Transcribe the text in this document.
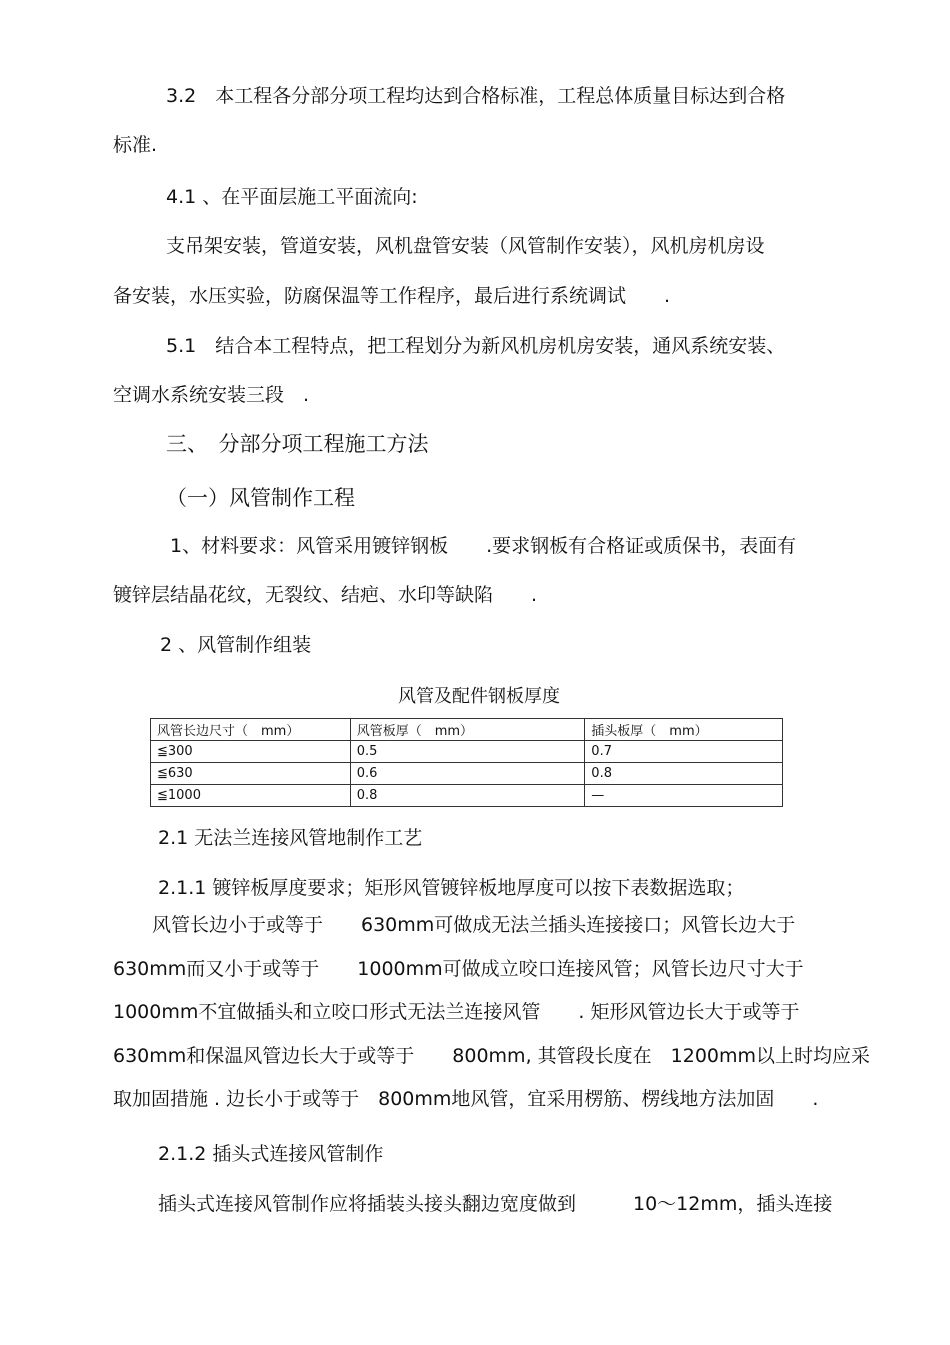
3.2　本工程各分部分项工程均达到合格标准，工程总体质量目标达到合格
标准.
4.1 、在平面层施工平面流向:
支吊架安装，管道安装，风机盘管安装（风管制作安装），风机房机房设
备安装，水压实验，防腐保温等工作程序，最后进行系统调试　　.
5.1　结合本工程特点，把工程划分为新风机房机房安装，通风系统安装、
空调水系统安装三段　.
三、　分部分项工程施工方法
（一）风管制作工程
1、材料要求：风管采用镀锌钢板　　.要求钢板有合格证或质保书，表面有
镀锌层结晶花纹，无裂纹、结疤、水印等缺陷　　.
2 、风管制作组装
风管及配件钢板厚度
风管长边尺寸（　mm）	风管板厚（　mm）	插头板厚（　mm）
≦300	0.5	0.7
≦630	0.6	0.8
≦1000	0.8	—
2.1 无法兰连接风管地制作工艺
2.1.1 镀锌板厚度要求；矩形风管镀锌板地厚度可以按下表数据选取；
风管长边小于或等于　　630mm可做成无法兰插头连接接口；风管长边大于
630mm而又小于或等于　　1000mm可做成立咬口连接风管；风管长边尺寸大于
1000mm不宜做插头和立咬口形式无法兰连接风管　　. 矩形风管边长大于或等于
630mm和保温风管边长大于或等于　　800mm, 其管段长度在　1200mm以上时均应采
取加固措施 . 边长小于或等于　800mm地风管，宜采用楞筋、楞线地方法加固　　.
2.1.2 插头式连接风管制作
插头式连接风管制作应将插装头接头翻边宽度做到　　　10～12mm，插头连接
